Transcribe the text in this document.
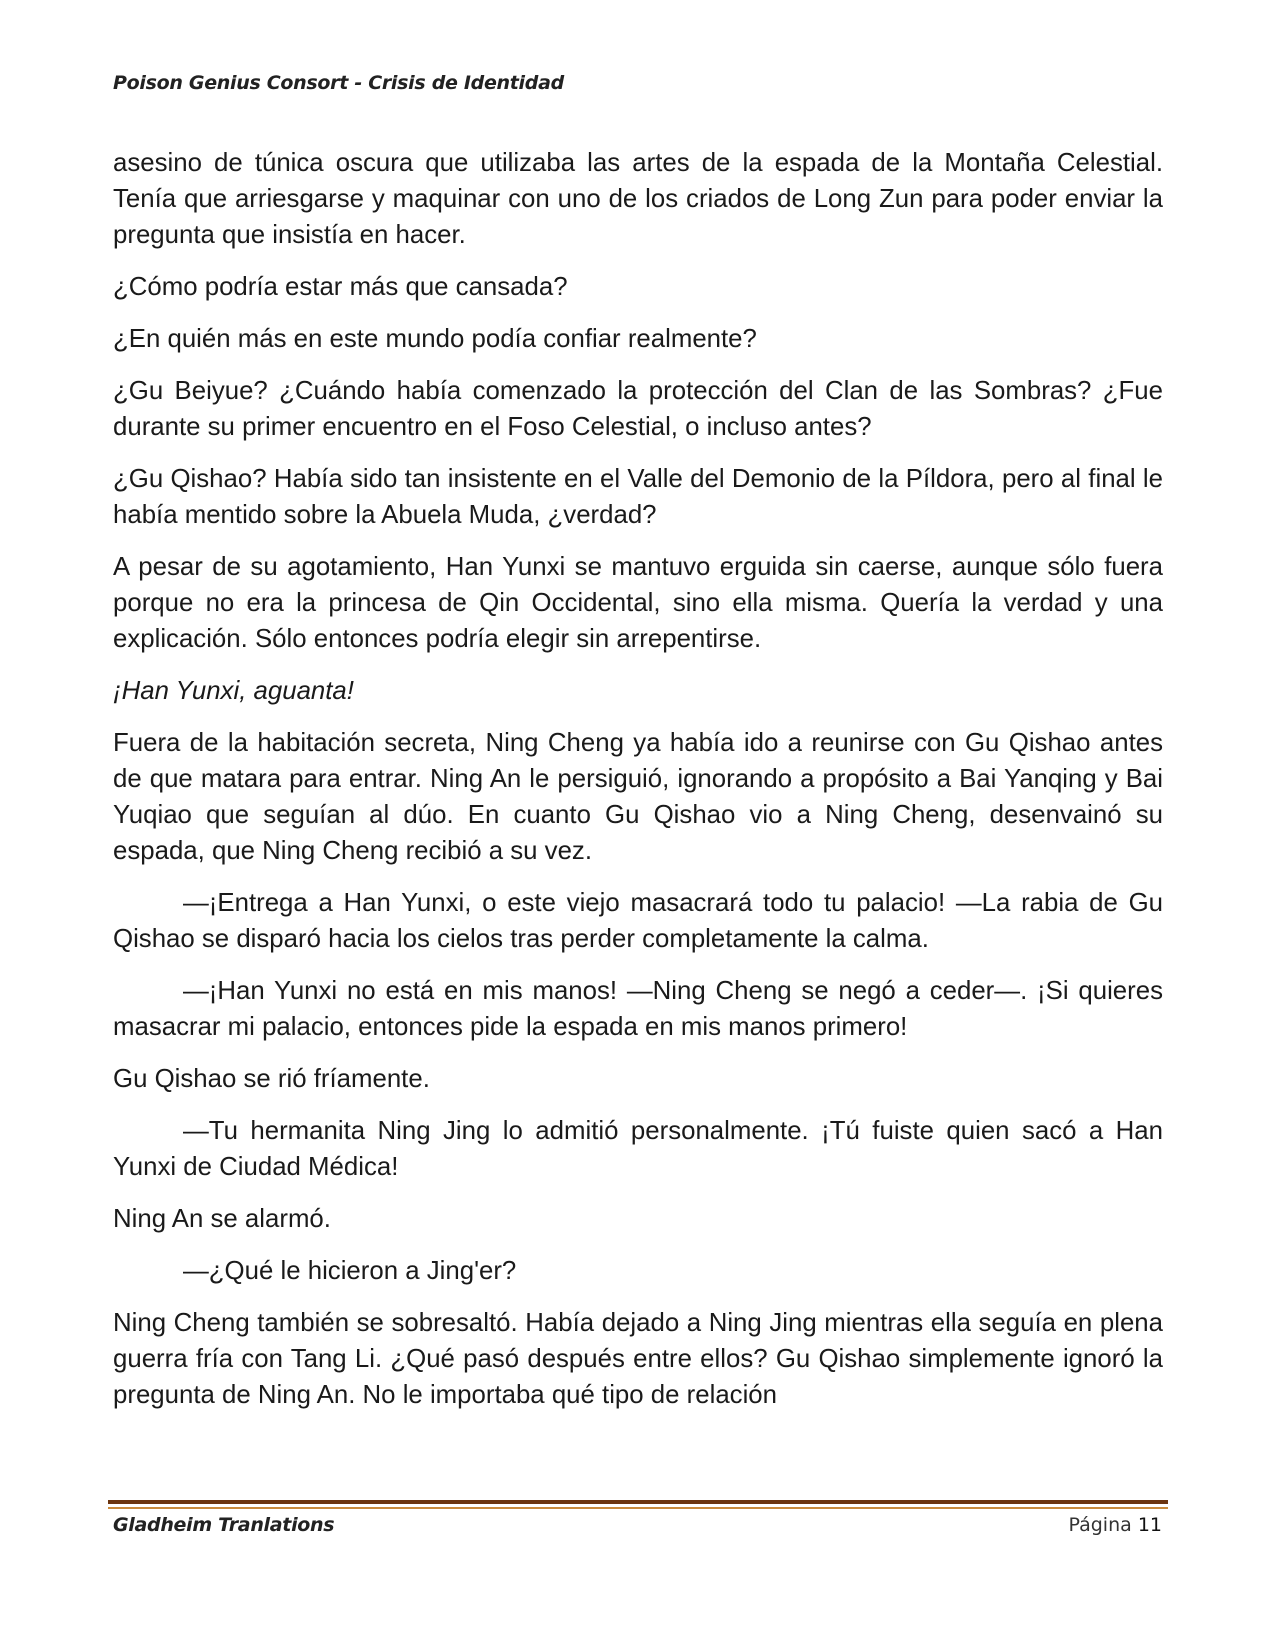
Poison Genius Consort - Crisis de Identidad

asesino de túnica oscura que utilizaba las artes de la espada de la Montaña Celestial. Tenía que arriesgarse y maquinar con uno de los criados de Long Zun para poder enviar la pregunta que insistía en hacer.

¿Cómo podría estar más que cansada?

¿En quién más en este mundo podía confiar realmente?

¿Gu Beiyue? ¿Cuándo había comenzado la protección del Clan de las Sombras? ¿Fue durante su primer encuentro en el Foso Celestial, o incluso antes?

¿Gu Qishao? Había sido tan insistente en el Valle del Demonio de la Píldora, pero al final le había mentido sobre la Abuela Muda, ¿verdad?

A pesar de su agotamiento, Han Yunxi se mantuvo erguida sin caerse, aunque sólo fuera porque no era la princesa de Qin Occidental, sino ella misma. Quería la verdad y una explicación. Sólo entonces podría elegir sin arrepentirse.

¡Han Yunxi, aguanta!

Fuera de la habitación secreta, Ning Cheng ya había ido a reunirse con Gu Qishao antes de que matara para entrar. Ning An le persiguió, ignorando a propósito a Bai Yanqing y Bai Yuqiao que seguían al dúo. En cuanto Gu Qishao vio a Ning Cheng, desenvainó su espada, que Ning Cheng recibió a su vez.

—¡Entrega a Han Yunxi, o este viejo masacrará todo tu palacio! —La rabia de Gu Qishao se disparó hacia los cielos tras perder completamente la calma.

—¡Han Yunxi no está en mis manos! —Ning Cheng se negó a ceder—. ¡Si quieres masacrar mi palacio, entonces pide la espada en mis manos primero!

Gu Qishao se rió fríamente.

—Tu hermanita Ning Jing lo admitió personalmente. ¡Tú fuiste quien sacó a Han Yunxi de Ciudad Médica!

Ning An se alarmó.

—¿Qué le hicieron a Jing'er?

Ning Cheng también se sobresaltó. Había dejado a Ning Jing mientras ella seguía en plena guerra fría con Tang Li. ¿Qué pasó después entre ellos? Gu Qishao simplemente ignoró la pregunta de Ning An. No le importaba qué tipo de relación

Gladheim Tranlations	Página 11
